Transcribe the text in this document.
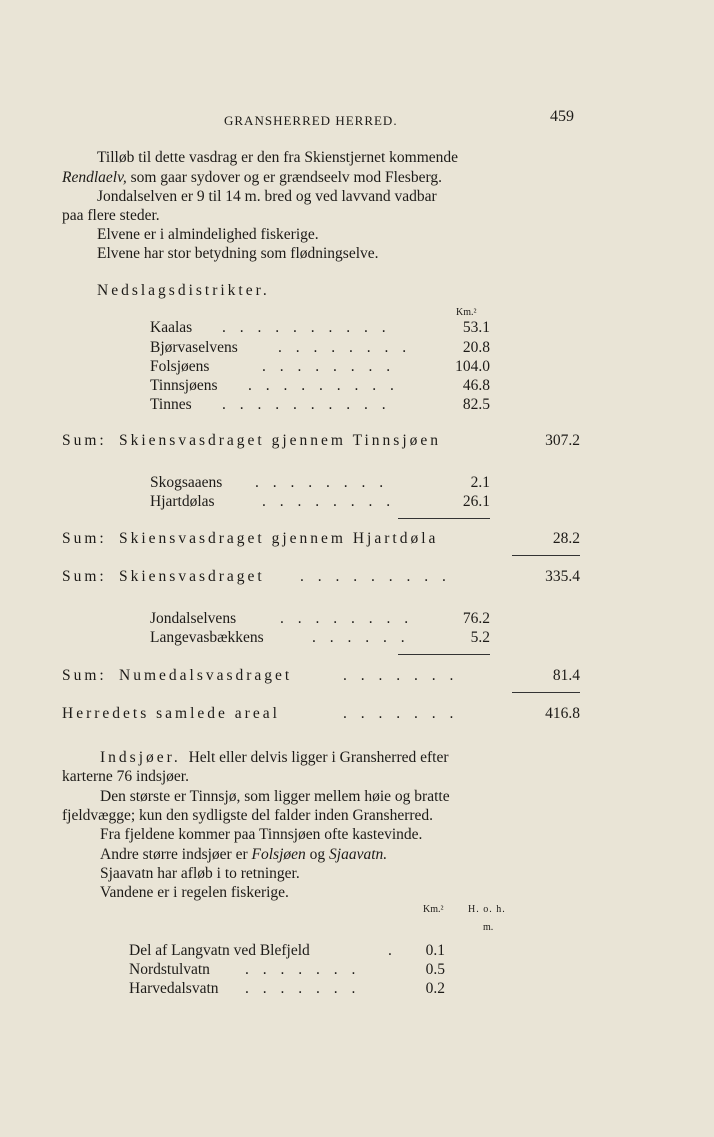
GRANSHERRED HERRED.	459
Tilløb til dette vasdrag er den fra Skienstjernet kommende
Rendlaelv, som gaar sydover og er grændseelv mod Flesberg.
Jondalselven er 9 til 14 m. bred og ved lavvand vadbar
paa flere steder.
Elvene er i almindelighed fiskerige.
Elvene har stor betydning som flødningselve.
Nedslagsdistrikter.
Km.²
Kaalas . . . . . . . . . .	53.1
Bjørvaselvens	. . . . . . . .	20.8
Folsjøens	. . . . . . . .	104.0
Tinnsjøens . . . . . . . . .	46.8
Tinnes . . . . . . . . . .	82.5
Sum: Skiensvasdraget gjennem Tinnsjøen	307.2
Skogsaaens . . . . . . . .	2.1
Hjartdølas	. . . . . . . .	26.1
Sum: Skiensvasdraget gjennem Hjartdøla	28.2
Sum: Skiensvasdraget . . . . . . . . .	335.4
Jondalselvens	. . . . . . . .	76.2
Langevasbækkens	. . . . . .	5.2
Sum: Numedalsvasdraget	. . . . . . .	81.4
Herredets samlede areal	. . . . . . .	416.8
Indsjøer. Helt eller delvis ligger i Gransherred efter
karterne 76 indsjøer.
Den største er Tinnsjø, som ligger mellem høie og bratte
fjeldvægge; kun den sydligste del falder inden Gransherred.
Fra fjeldene kommer paa Tinnsjøen ofte kastevinde.
Andre større indsjøer er Folsjøen og Sjaavatn.
Sjaavatn har afløb i to retninger.
Vandene er i regelen fiskerige.
Km.² H. o. h.
m.
Del af Langvatn ved Blefjeld	.	0.1
Nordstulvatn . . . . . . .	0.5
Harvedalsvatn . . . . . . .	0.2
